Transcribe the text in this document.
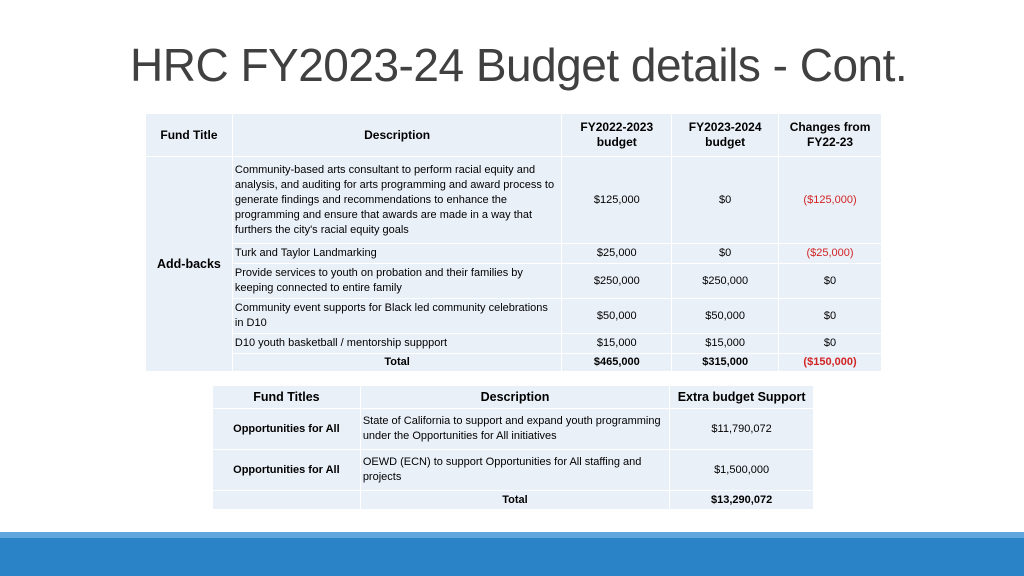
HRC FY2023-24 Budget details - Cont.
Fund Title	Description	FY2022-2023 budget	FY2023-2024 budget	Changes from FY22-23
Add-backs	Community-based arts consultant to perform racial equity and analysis, and auditing for arts programming and award process to generate findings and recommendations to enhance the programming and ensure that awards are made in a way that furthers the city's racial equity goals	$125,000	$0	($125,000)
	Turk and Taylor Landmarking	$25,000	$0	($25,000)
	Provide services to youth on probation and their families by keeping connected to entire family	$250,000	$250,000	$0
	Community event supports for Black led community celebrations in D10	$50,000	$50,000	$0
	D10 youth basketball / mentorship suppport	$15,000	$15,000	$0
	Total	$465,000	$315,000	($150,000)
Fund Titles	Description	Extra budget Support
Opportunities for All	State of California to support and expand youth programming under the Opportunities for All initiatives	$11,790,072
Opportunities for All	OEWD (ECN) to support Opportunities for All staffing and projects	$1,500,000
	Total	$13,290,072
